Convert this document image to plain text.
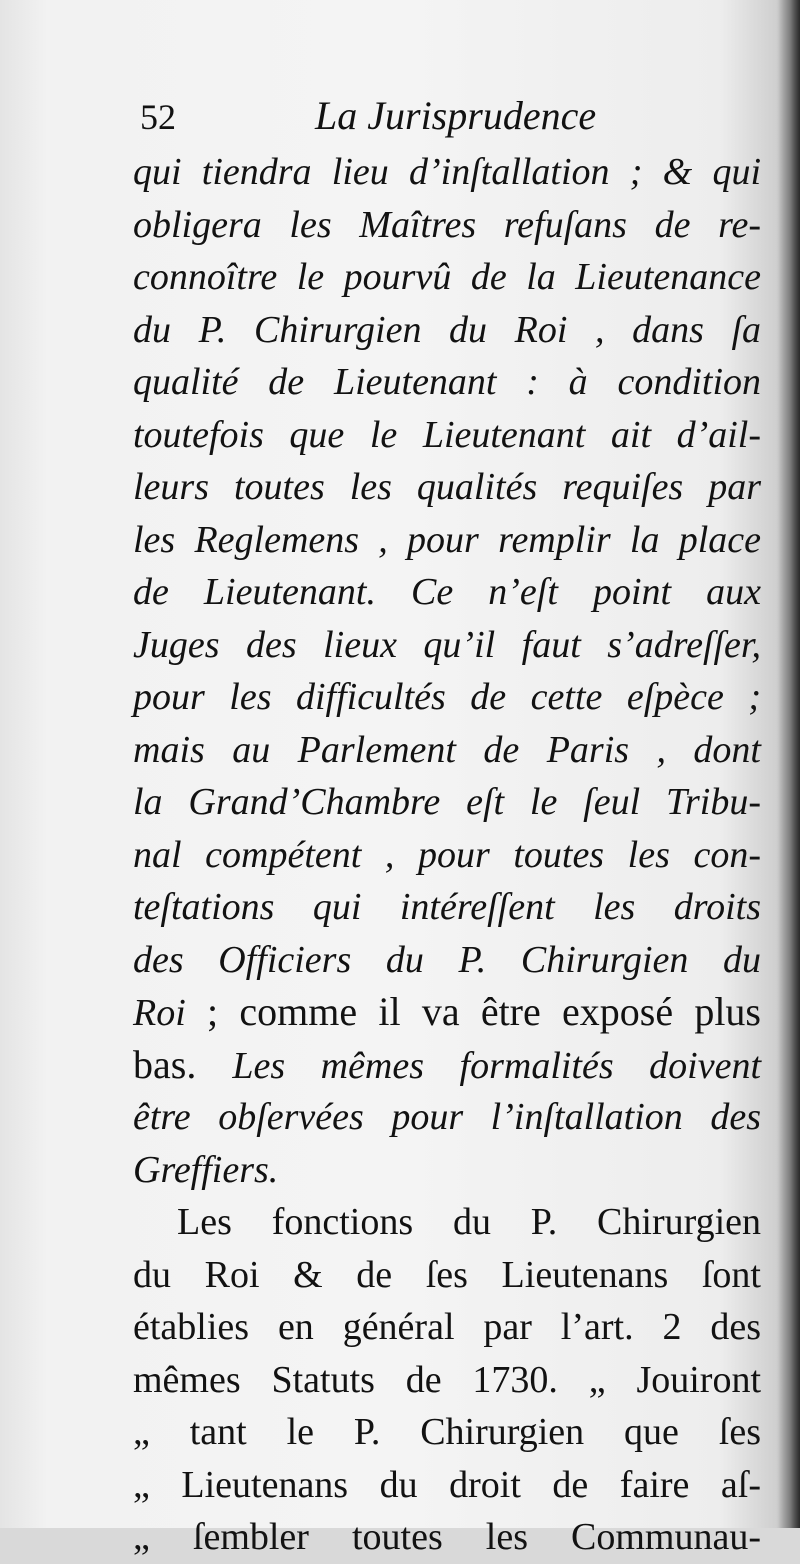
52	La Jurisprudence
qui tiendra lieu d’inſtallation ; & qui
obligera les Maîtres refuſans de re-
connoître le pourvû de la Lieutenance
du P. Chirurgien du Roi , dans ſa
qualité de Lieutenant : à condition
toutefois que le Lieutenant ait d’ail-
leurs toutes les qualités requiſes par
les Reglemens , pour remplir la place
de Lieutenant. Ce n’eſt point aux
Juges des lieux qu’il faut s’adreſſer,
pour les difficultés de cette eſpèce ;
mais au Parlement de Paris , dont
la Grand’Chambre eſt le ſeul Tribu-
nal compétent , pour toutes les con-
teſtations qui intéreſſent les droits
des Officiers du P. Chirurgien du
Roi ; comme il va être exposé plus
bas. Les mêmes formalités doivent
être obſervées pour l’inſtallation des
Greffiers.
Les fonctions du P. Chirurgien
du Roi & de ſes Lieutenans ſont
établies en général par l’art. 2 des
mêmes Statuts de 1730. „ Jouiront
„ tant le P. Chirurgien que ſes
„ Lieutenans du droit de faire aſ-
„ ſembler toutes les Communau-
